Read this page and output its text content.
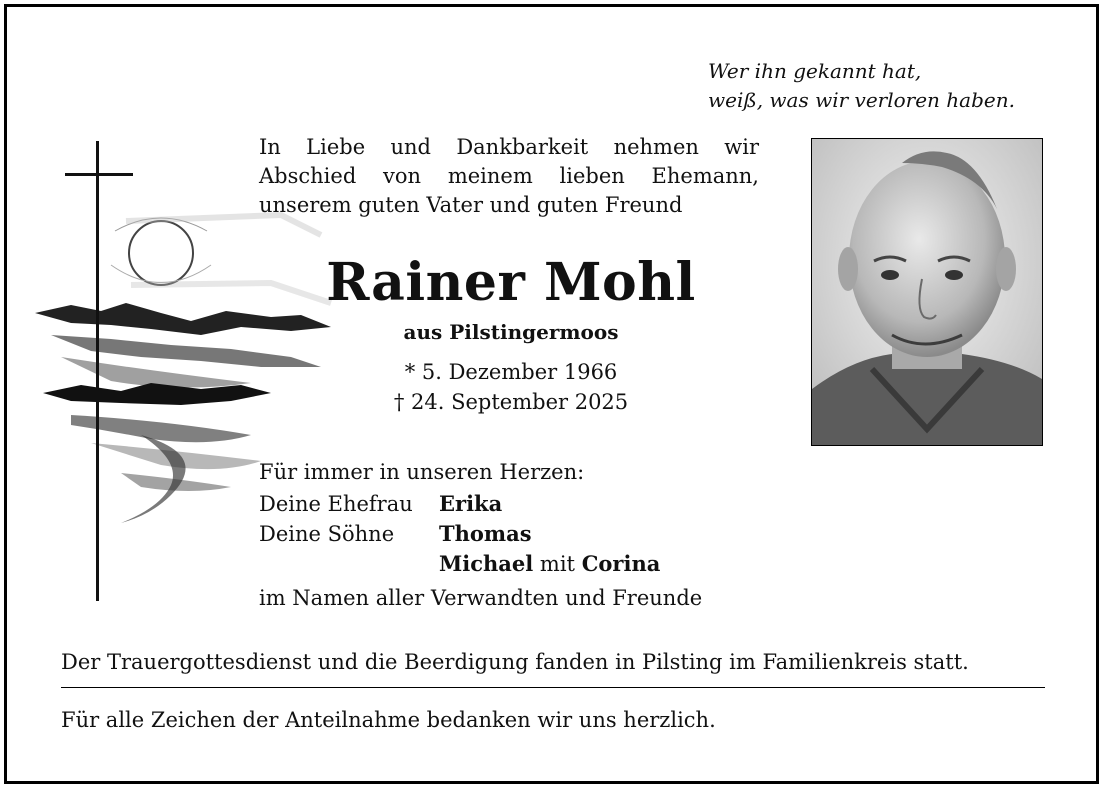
Wer ihn gekannt hat,
weiß, was wir verloren haben.
In Liebe und Dankbarkeit nehmen wir
Abschied von meinem lieben Ehemann,
unserem guten Vater und guten Freund
Rainer Mohl
aus Pilstingermoos
* 5. Dezember 1966
† 24. September 2025
Für immer in unseren Herzen:
Deine Ehefrau	Erika
Deine Söhne	Thomas
Michael mit Corina
im Namen aller Verwandten und Freunde
Der Trauergottesdienst und die Beerdigung fanden in Pilsting im Familienkreis statt.
Für alle Zeichen der Anteilnahme bedanken wir uns herzlich.
